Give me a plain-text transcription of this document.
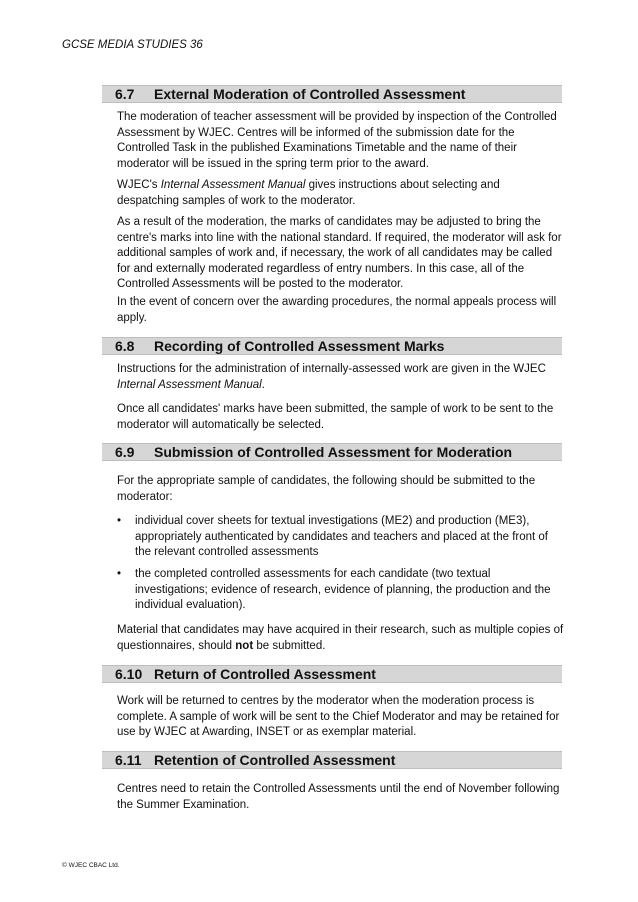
GCSE MEDIA STUDIES 36
6.7 External Moderation of Controlled Assessment
The moderation of teacher assessment will be provided by inspection of the Controlled Assessment by WJEC. Centres will be informed of the submission date for the Controlled Task in the published Examinations Timetable and the name of their moderator will be issued in the spring term prior to the award.
WJEC's Internal Assessment Manual gives instructions about selecting and despatching samples of work to the moderator.
As a result of the moderation, the marks of candidates may be adjusted to bring the centre's marks into line with the national standard. If required, the moderator will ask for additional samples of work and, if necessary, the work of all candidates may be called for and externally moderated regardless of entry numbers. In this case, all of the Controlled Assessments will be posted to the moderator.
In the event of concern over the awarding procedures, the normal appeals process will apply.
6.8 Recording of Controlled Assessment Marks
Instructions for the administration of internally-assessed work are given in the WJEC Internal Assessment Manual.
Once all candidates' marks have been submitted, the sample of work to be sent to the moderator will automatically be selected.
6.9 Submission of Controlled Assessment for Moderation
For the appropriate sample of candidates, the following should be submitted to the moderator:
• individual cover sheets for textual investigations (ME2) and production (ME3), appropriately authenticated by candidates and teachers and placed at the front of the relevant controlled assessments
• the completed controlled assessments for each candidate (two textual investigations; evidence of research, evidence of planning, the production and the individual evaluation).
Material that candidates may have acquired in their research, such as multiple copies of questionnaires, should not be submitted.
6.10 Return of Controlled Assessment
Work will be returned to centres by the moderator when the moderation process is complete. A sample of work will be sent to the Chief Moderator and may be retained for use by WJEC at Awarding, INSET or as exemplar material.
6.11 Retention of Controlled Assessment
Centres need to retain the Controlled Assessments until the end of November following the Summer Examination.
© WJEC CBAC Ltd.
